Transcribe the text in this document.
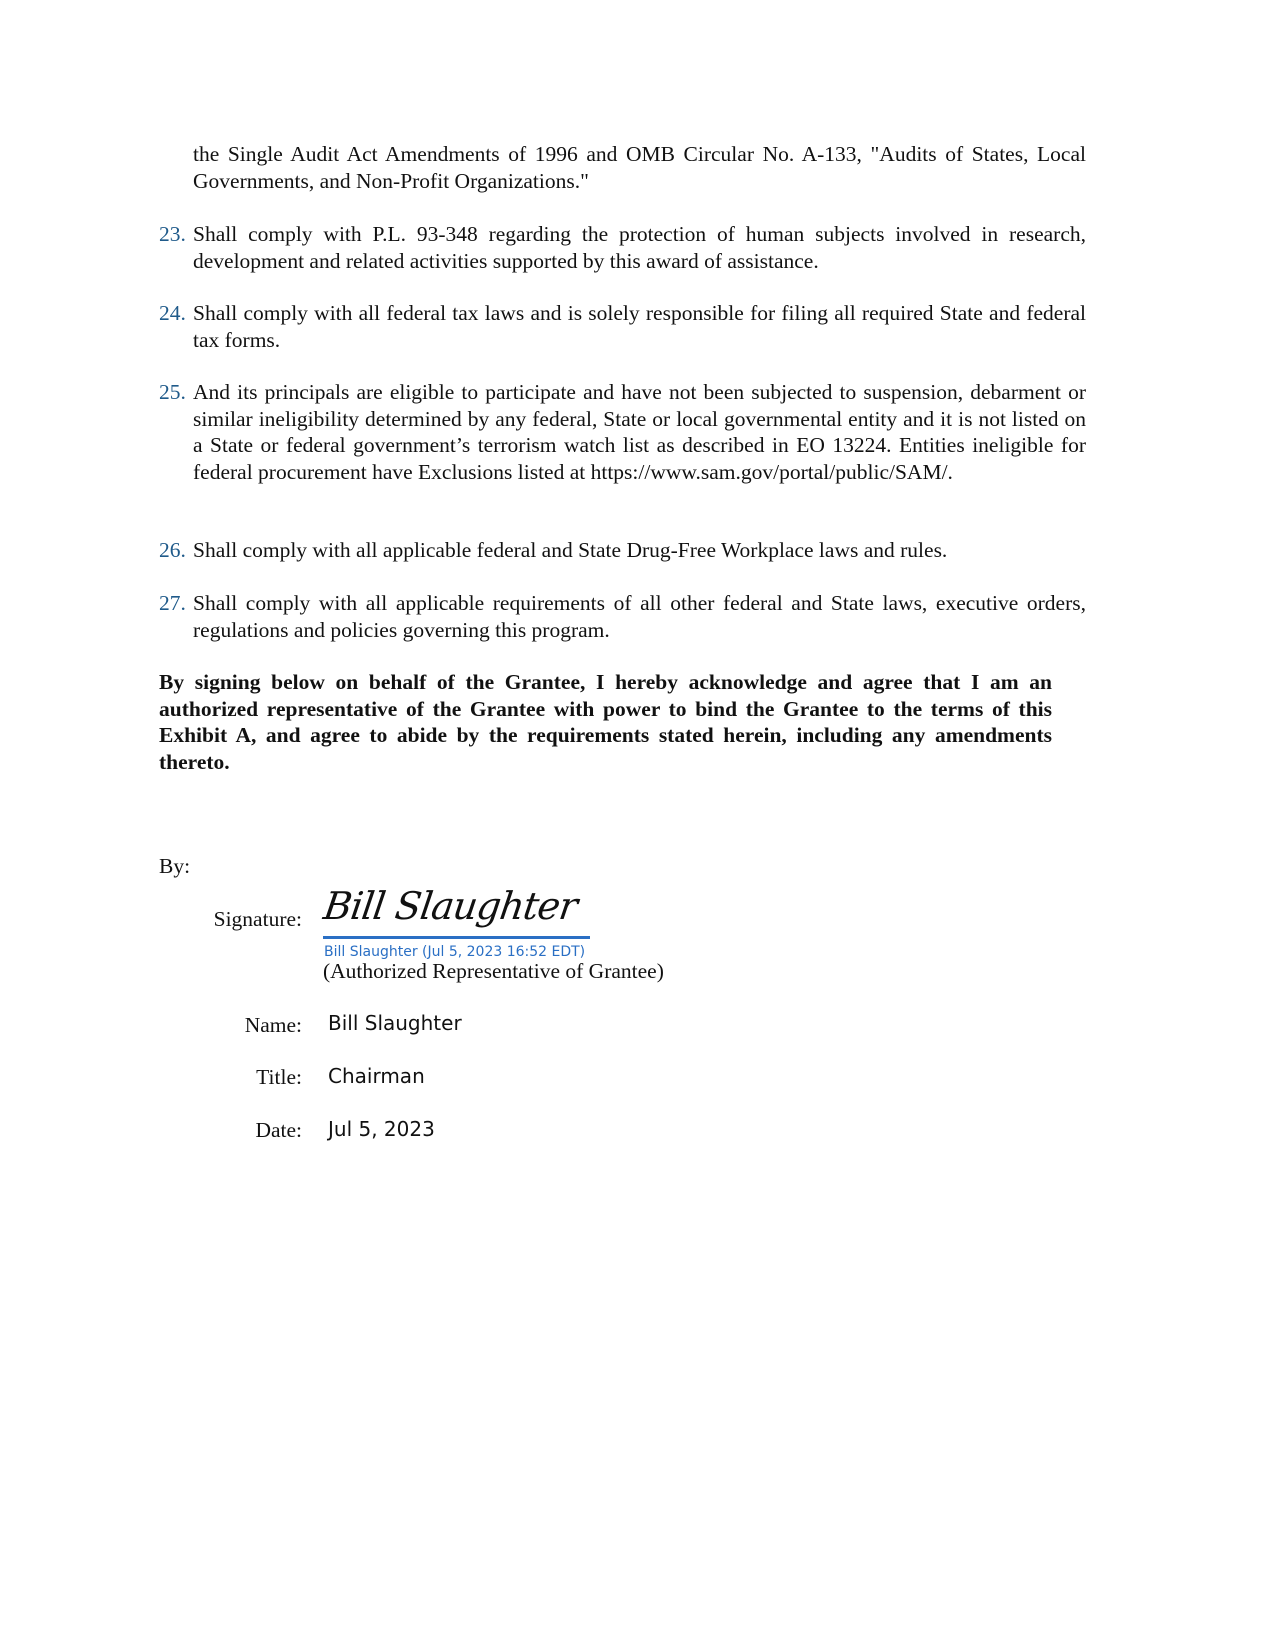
the Single Audit Act Amendments of 1996 and OMB Circular No. A-133, "Audits of States, Local Governments, and Non-Profit Organizations."
23. Shall comply with P.L. 93-348 regarding the protection of human subjects involved in research, development and related activities supported by this award of assistance.
24. Shall comply with all federal tax laws and is solely responsible for filing all required State and federal tax forms.
25. And its principals are eligible to participate and have not been subjected to suspension, debarment or similar ineligibility determined by any federal, State or local governmental entity and it is not listed on a State or federal government’s terrorism watch list as described in EO 13224. Entities ineligible for federal procurement have Exclusions listed at https://www.sam.gov/portal/public/SAM/.
26. Shall comply with all applicable federal and State Drug-Free Workplace laws and rules.
27. Shall comply with all applicable requirements of all other federal and State laws, executive orders, regulations and policies governing this program.
By signing below on behalf of the Grantee, I hereby acknowledge and agree that I am an authorized representative of the Grantee with power to bind the Grantee to the terms of this Exhibit A, and agree to abide by the requirements stated herein, including any amendments thereto.
By:
Signature: Bill Slaughter
Bill Slaughter (Jul 5, 2023 16:52 EDT)
(Authorized Representative of Grantee)
Name: Bill Slaughter
Title: Chairman
Date: Jul 5, 2023
